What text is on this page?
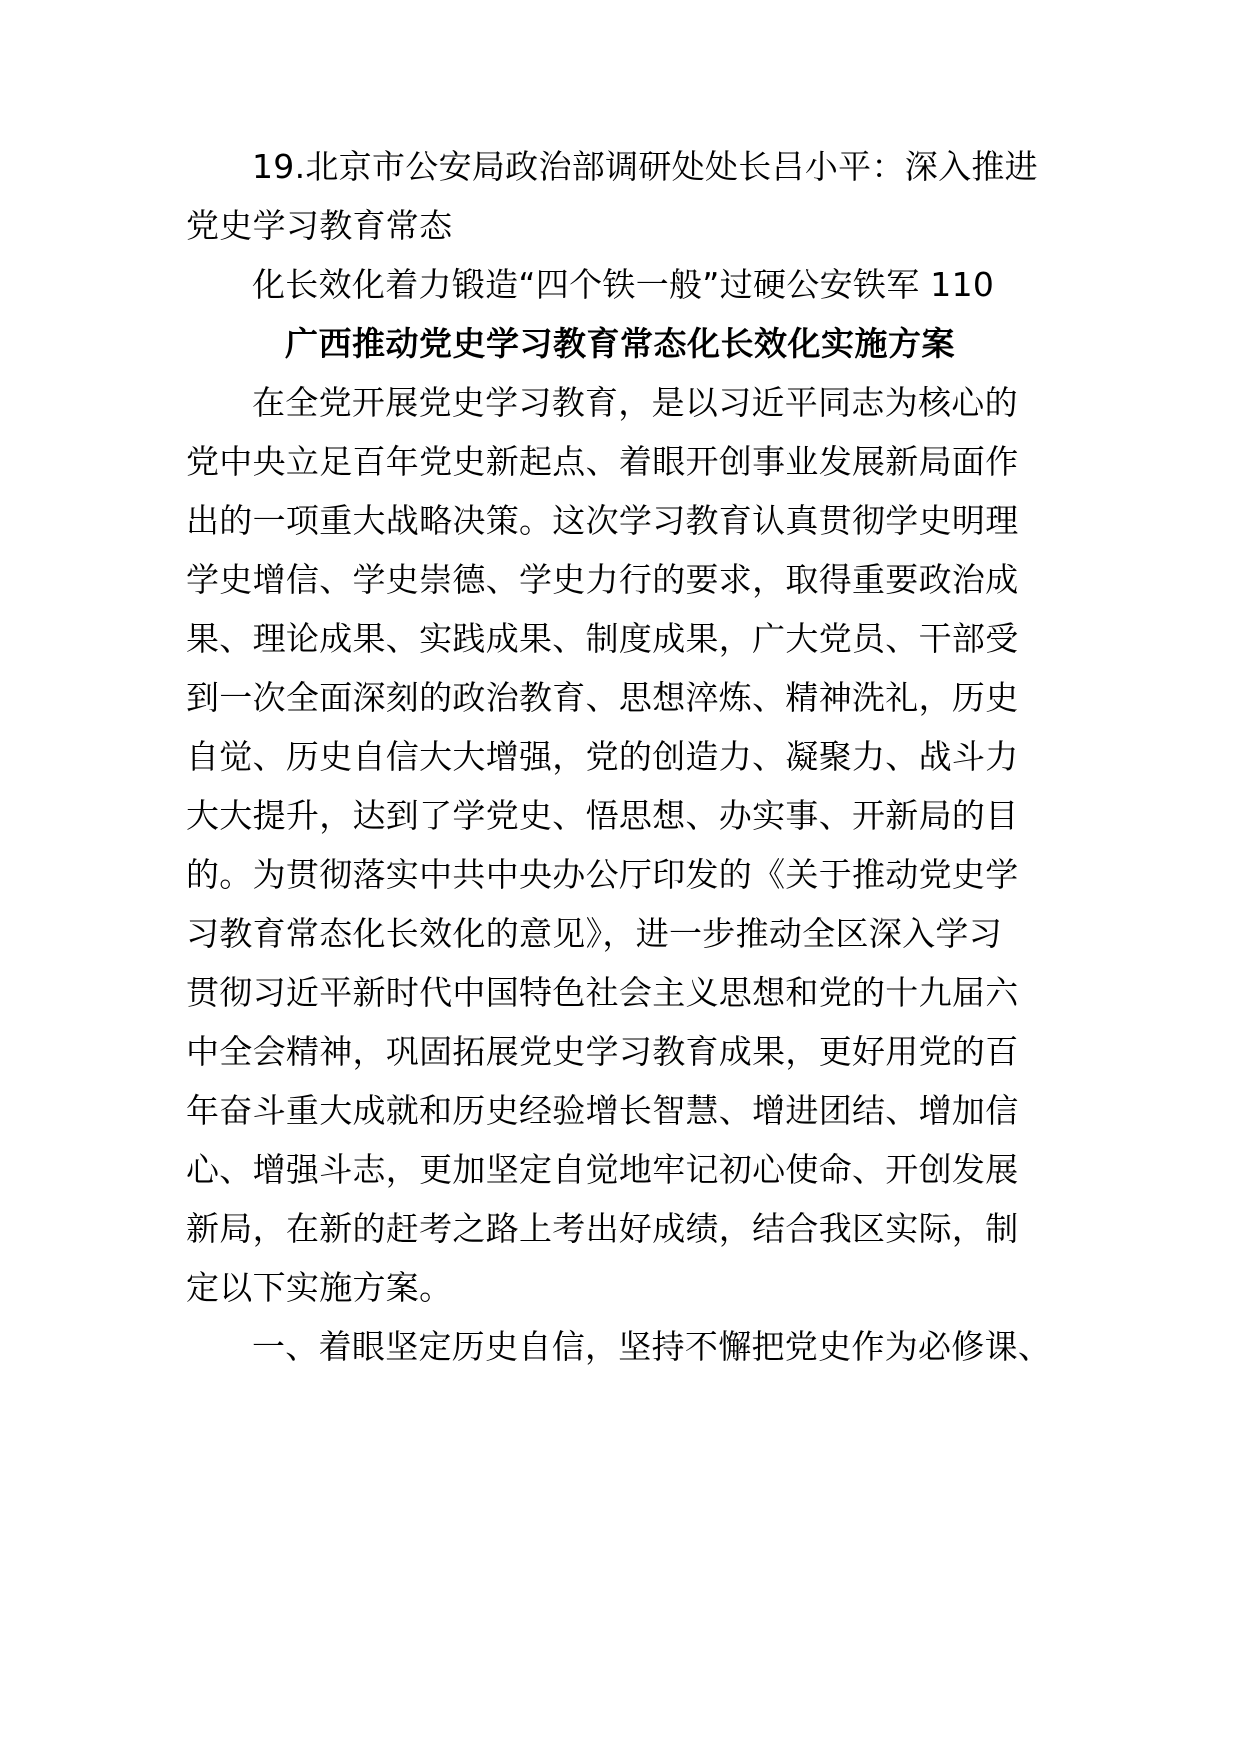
19.北京市公安局政治部调研处处长吕小平：深入推进
党史学习教育常态
化长效化着力锻造“四个铁一般”过硬公安铁军 110
广西推动党史学习教育常态化长效化实施方案
在全党开展党史学习教育，是以习近平同志为核心的
党中央立足百年党史新起点、着眼开创事业发展新局面作
出的一项重大战略决策。这次学习教育认真贯彻学史明理
学史增信、学史崇德、学史力行的要求，取得重要政治成
果、理论成果、实践成果、制度成果，广大党员、干部受
到一次全面深刻的政治教育、思想淬炼、精神洗礼，历史
自觉、历史自信大大增强，党的创造力、凝聚力、战斗力
大大提升，达到了学党史、悟思想、办实事、开新局的目
的。为贯彻落实中共中央办公厅印发的《关于推动党史学
习教育常态化长效化的意见》，进一步推动全区深入学习
贯彻习近平新时代中国特色社会主义思想和党的十九届六
中全会精神，巩固拓展党史学习教育成果，更好用党的百
年奋斗重大成就和历史经验增长智慧、增进团结、增加信
心、增强斗志，更加坚定自觉地牢记初心使命、开创发展
新局，在新的赶考之路上考出好成绩，结合我区实际，制
定以下实施方案。
一、着眼坚定历史自信，坚持不懈把党史作为必修课、
